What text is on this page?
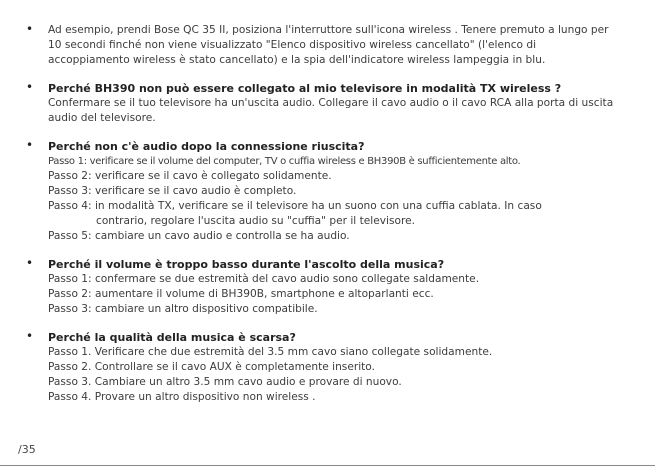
• Ad esempio, prendi Bose QC 35 II, posiziona l'interruttore sull'icona wireless . Tenere premuto a lungo per 10 secondi finché non viene visualizzato "Elenco dispositivo wireless cancellato" (l'elenco di accoppiamento wireless è stato cancellato) e la spia dell'indicatore wireless lampeggia in blu.
• Perché BH390 non può essere collegato al mio televisore in modalità TX wireless ?
Confermare se il tuo televisore ha un'uscita audio. Collegare il cavo audio o il cavo RCA alla porta di uscita audio del televisore.
• Perché non c'è audio dopo la connessione riuscita?
Passo 1: verificare se il volume del computer, TV o cuffia wireless e BH390B è sufficientemente alto.
Passo 2: verificare se il cavo è collegato solidamente.
Passo 3: verificare se il cavo audio è completo.
Passo 4: in modalità TX, verificare se il televisore ha un suono con una cuffia cablata. In caso
contrario, regolare l'uscita audio su "cuffia" per il televisore.
Passo 5: cambiare un cavo audio e controlla se ha audio.
• Perché il volume è troppo basso durante l'ascolto della musica?
Passo 1: confermare se due estremità del cavo audio sono collegate saldamente.
Passo 2: aumentare il volume di BH390B, smartphone e altoparlanti ecc.
Passo 3: cambiare un altro dispositivo compatibile.
• Perché la qualità della musica è scarsa?
Passo 1. Verificare che due estremità del 3.5 mm cavo siano collegate solidamente.
Passo 2. Controllare se il cavo AUX è completamente inserito.
Passo 3. Cambiare un altro 3.5 mm cavo audio e provare di nuovo.
Passo 4. Provare un altro dispositivo non wireless .
/35
